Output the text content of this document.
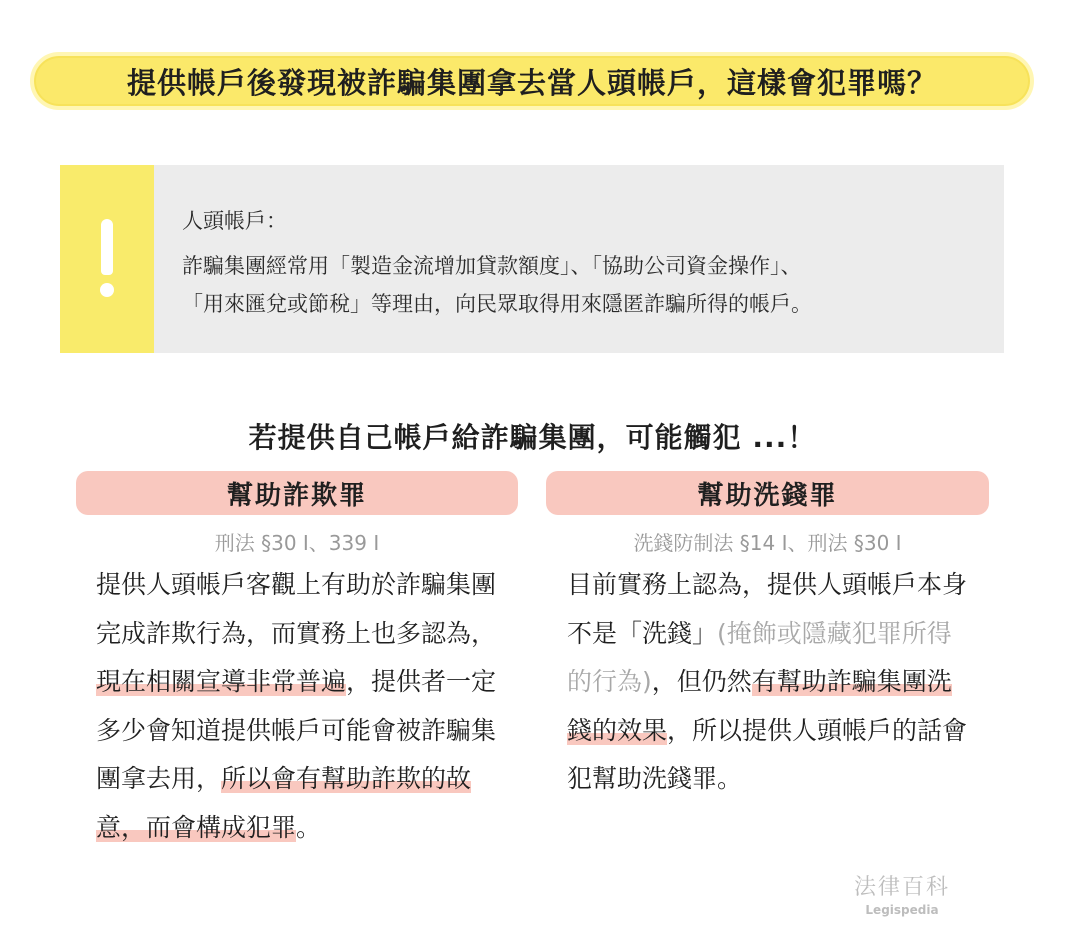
提供帳戶後發現被詐騙集團拿去當人頭帳戶，這樣會犯罪嗎？
人頭帳戶：
詐騙集團經常用「製造金流增加貸款額度」、「協助公司資金操作」、
「用來匯兌或節稅」等理由，向民眾取得用來隱匿詐騙所得的帳戶。
若提供自己帳戶給詐騙集團，可能觸犯 ...！
幫助詐欺罪
刑法 §30 I、339 I
提供人頭帳戶客觀上有助於詐騙集團完成詐欺行為，而實務上也多認為，現在相關宣導非常普遍，提供者一定多少會知道提供帳戶可能會被詐騙集團拿去用，所以會有幫助詐欺的故意，而會構成犯罪。
幫助洗錢罪
洗錢防制法 §14 I、刑法 §30 I
目前實務上認為，提供人頭帳戶本身不是「洗錢」(掩飾或隱藏犯罪所得的行為)，但仍然有幫助詐騙集團洗錢的效果，所以提供人頭帳戶的話會犯幫助洗錢罪。
法律百科
Legispedia
